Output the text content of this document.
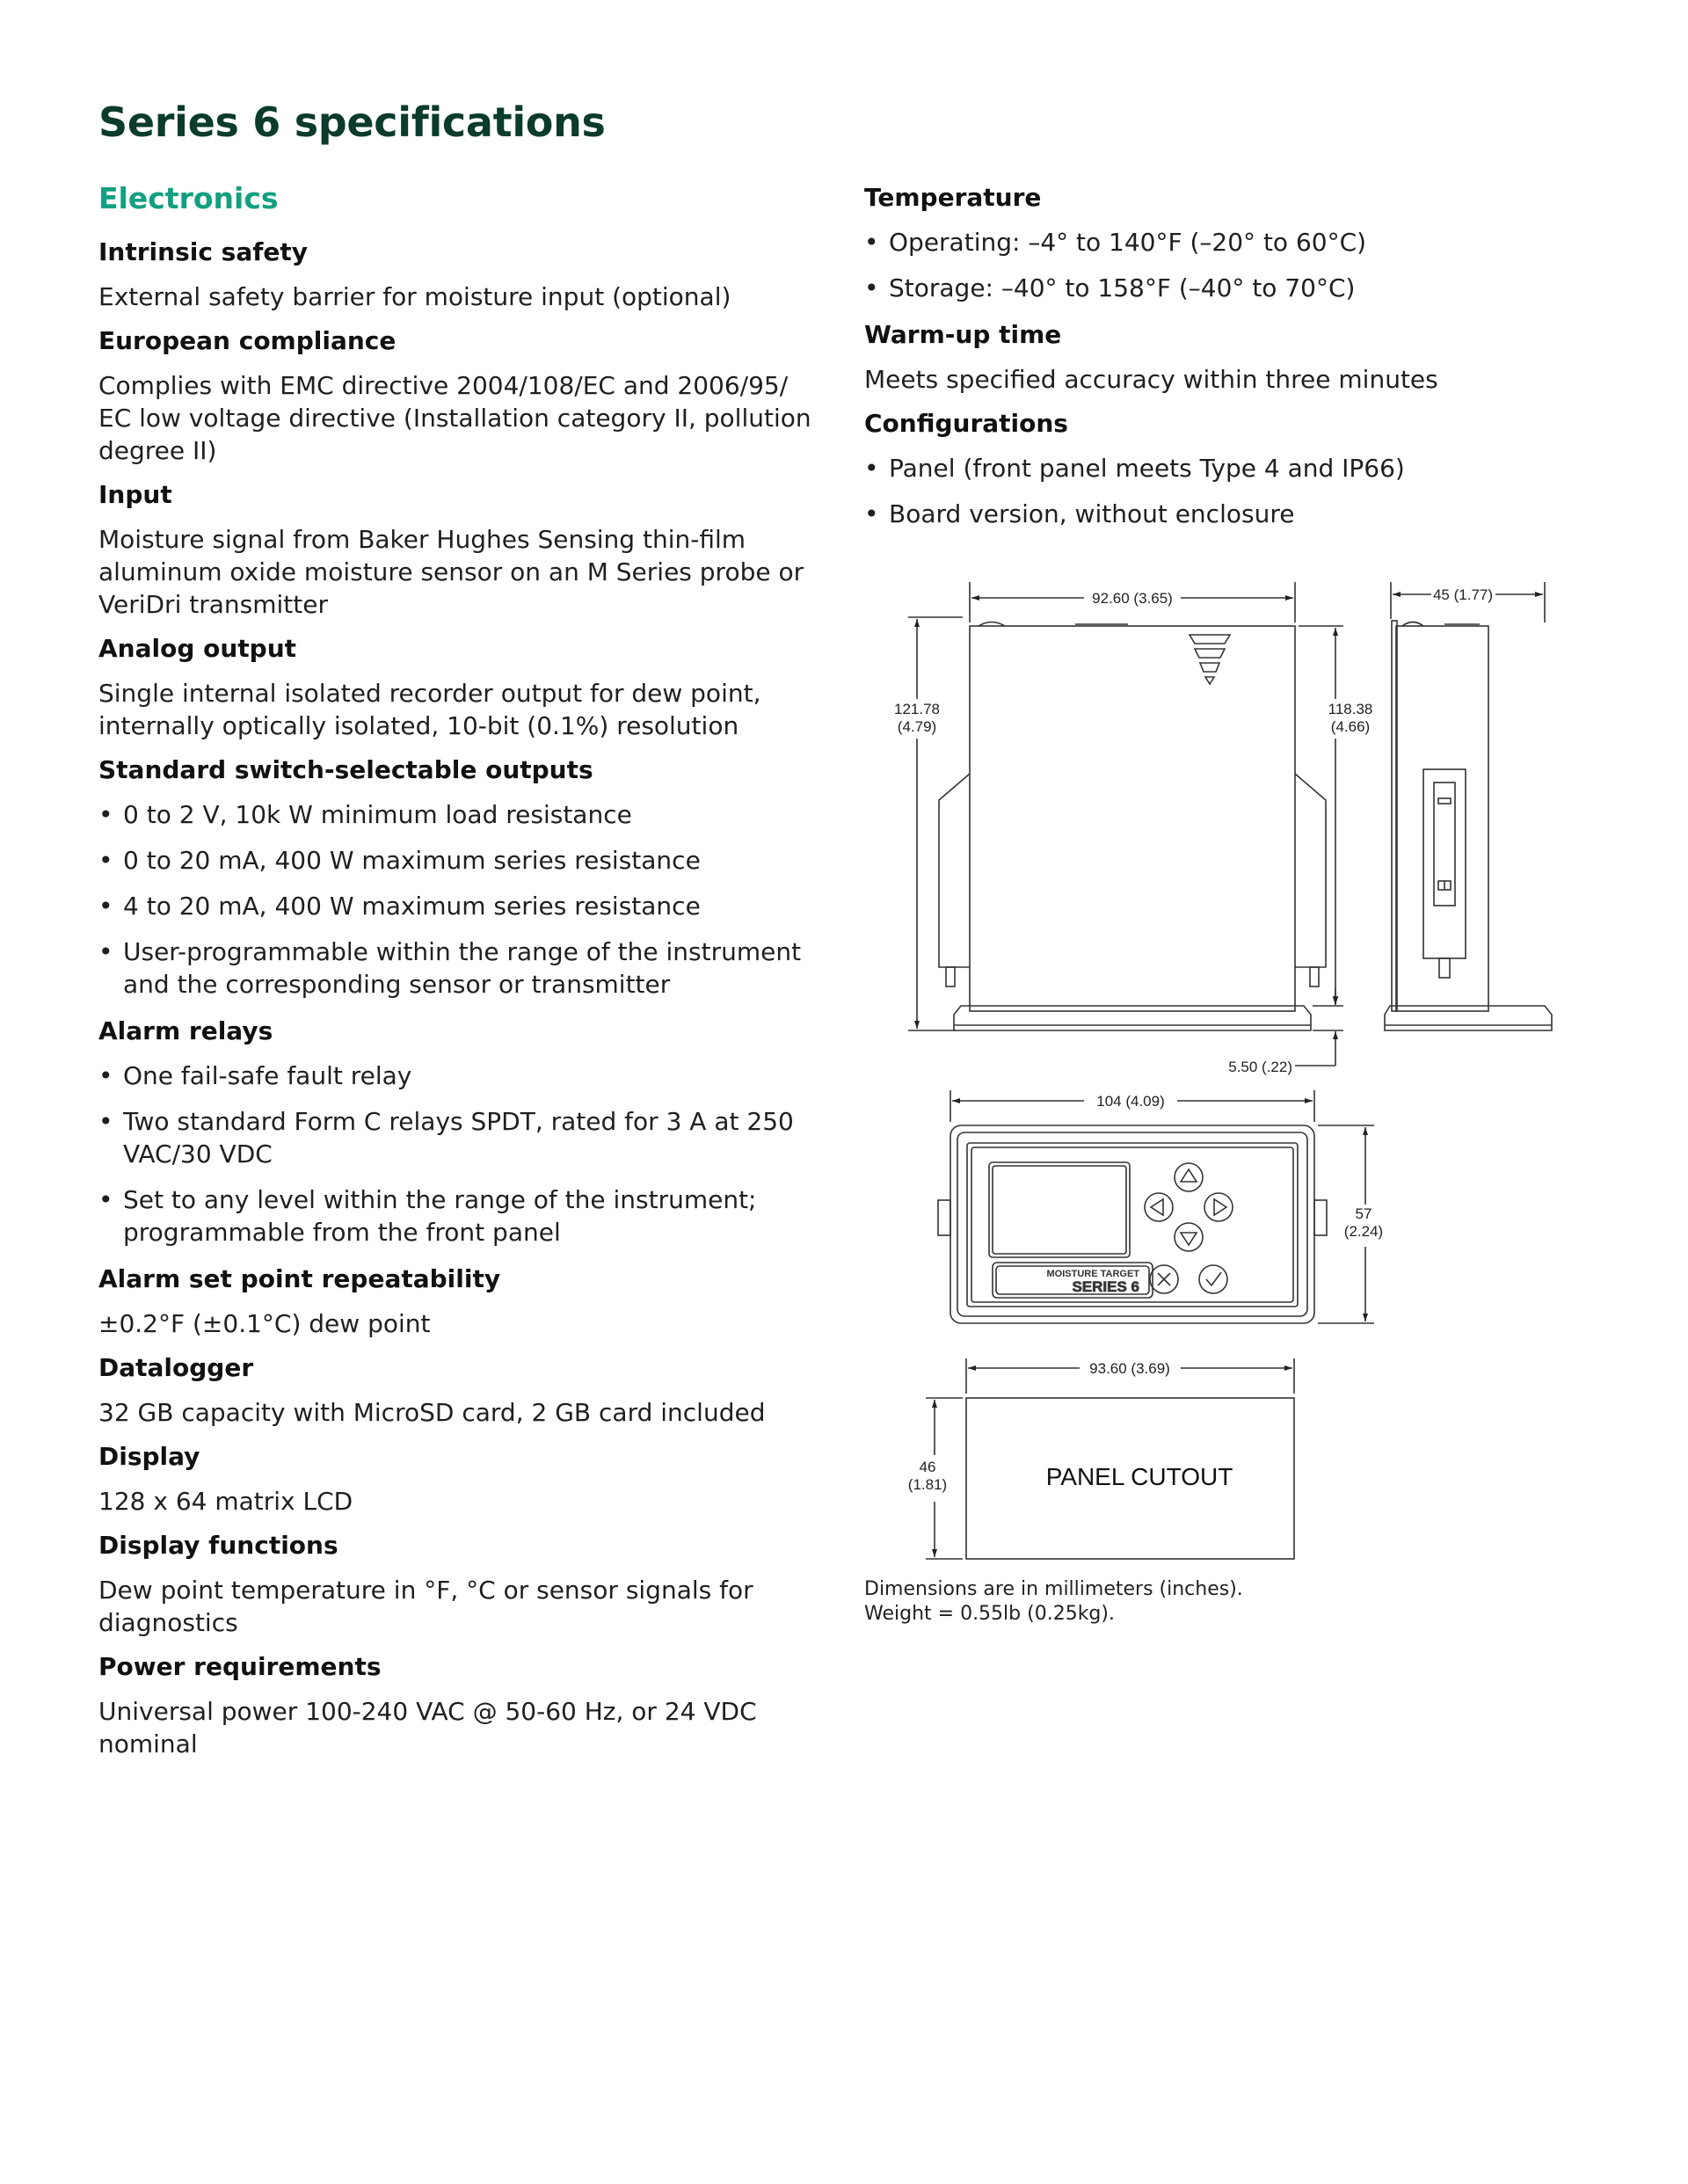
Series 6 specifications
Electronics
Intrinsic safety

External safety barrier for moisture input (optional)

European compliance

Complies with EMC directive 2004/108/EC and 2006/95/ EC low voltage directive (Installation category II, pollution degree II)

Input

Moisture signal from Baker Hughes Sensing thin-film aluminum oxide moisture sensor on an M Series probe or VeriDri transmitter

Analog output

Single internal isolated recorder output for dew point, internally optically isolated, 10-bit (0.1%) resolution

Standard switch-selectable outputs
• 0 to 2 V, 10k W minimum load resistance
• 0 to 20 mA, 400 W maximum series resistance
• 4 to 20 mA, 400 W maximum series resistance
• User-programmable within the range of the instrument and the corresponding sensor or transmitter
Alarm relays
• One fail-safe fault relay
• Two standard Form C relays SPDT, rated for 3 A at 250 VAC/30 VDC
• Set to any level within the range of the instrument; programmable from the front panel
Alarm set point repeatability

±0.2°F (±0.1°C) dew point

Datalogger

32 GB capacity with MicroSD card, 2 GB card included

Display

128 x 64 matrix LCD

Display functions

Dew point temperature in °F, °C or sensor signals for diagnostics

Power requirements

Universal power 100-240 VAC @ 50-60 Hz, or 24 VDC nominal

Temperature
• Operating: –4° to 140°F (–20° to 60°C)
• Storage: –40° to 158°F (–40° to 70°C)
Warm-up time

Meets specified accuracy within three minutes

Configurations
• Panel (front panel meets Type 4 and IP66)
• Board version, without enclosure
92.60 (3.65)	45 (1.77)
121.78
(4.79)
118.38
(4.66)
5.50 (.22)
104 (4.09)
57
(2.24)
93.60 (3.69)
46
(1.81)
MOISTURE TARGET
SERIES 6
PANEL CUTOUT
Dimensions are in millimeters (inches).
Weight = 0.55lb (0.25kg).
